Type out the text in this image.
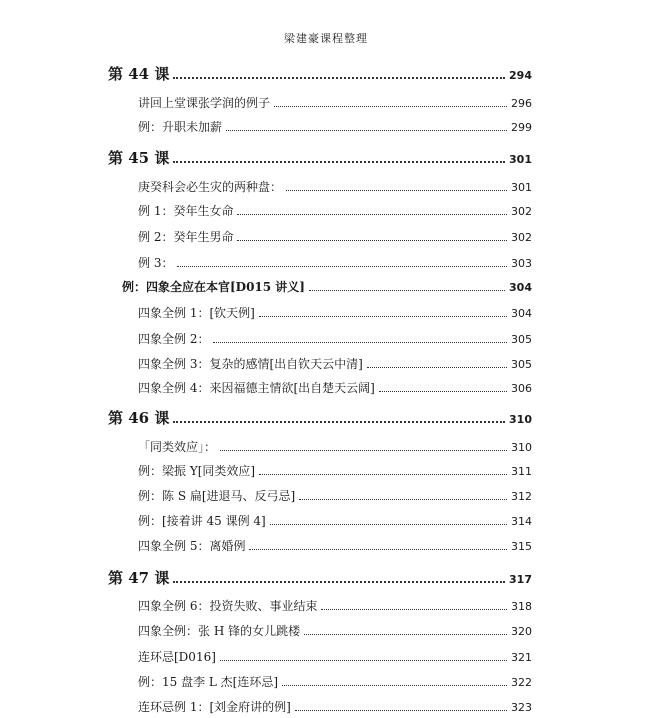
梁建豪课程整理
第 44 课	294
讲回上堂课张学润的例子	296
例：升职未加薪	299
第 45 课	301
庚癸科会必生灾的两种盘：	301
例 1：癸年生女命	302
例 2：癸年生男命	302
例 3：	303
例：四象全应在本官[D015 讲义]	304
四象全例 1：[钦天例]	304
四象全例 2：	305
四象全例 3：复杂的感情[出自钦天云中清]	305
四象全例 4：来因福德主情欲[出自楚天云阔]	306
第 46 课	310
「同类效应」：	310
例：梁振 Y[同类效应]	311
例：陈 S 扁[进退马、反弓忌]	312
例：[接着讲 45 课例 4]	314
四象全例 5：离婚例	315
第 47 课	317
四象全例 6：投资失败、事业结束	318
四象全例：张 H 锋的女儿跳楼	320
连环忌[D016]	321
例：15 盘李 L 杰[连环忌]	322
连环忌例 1：[刘金府讲的例]	323
